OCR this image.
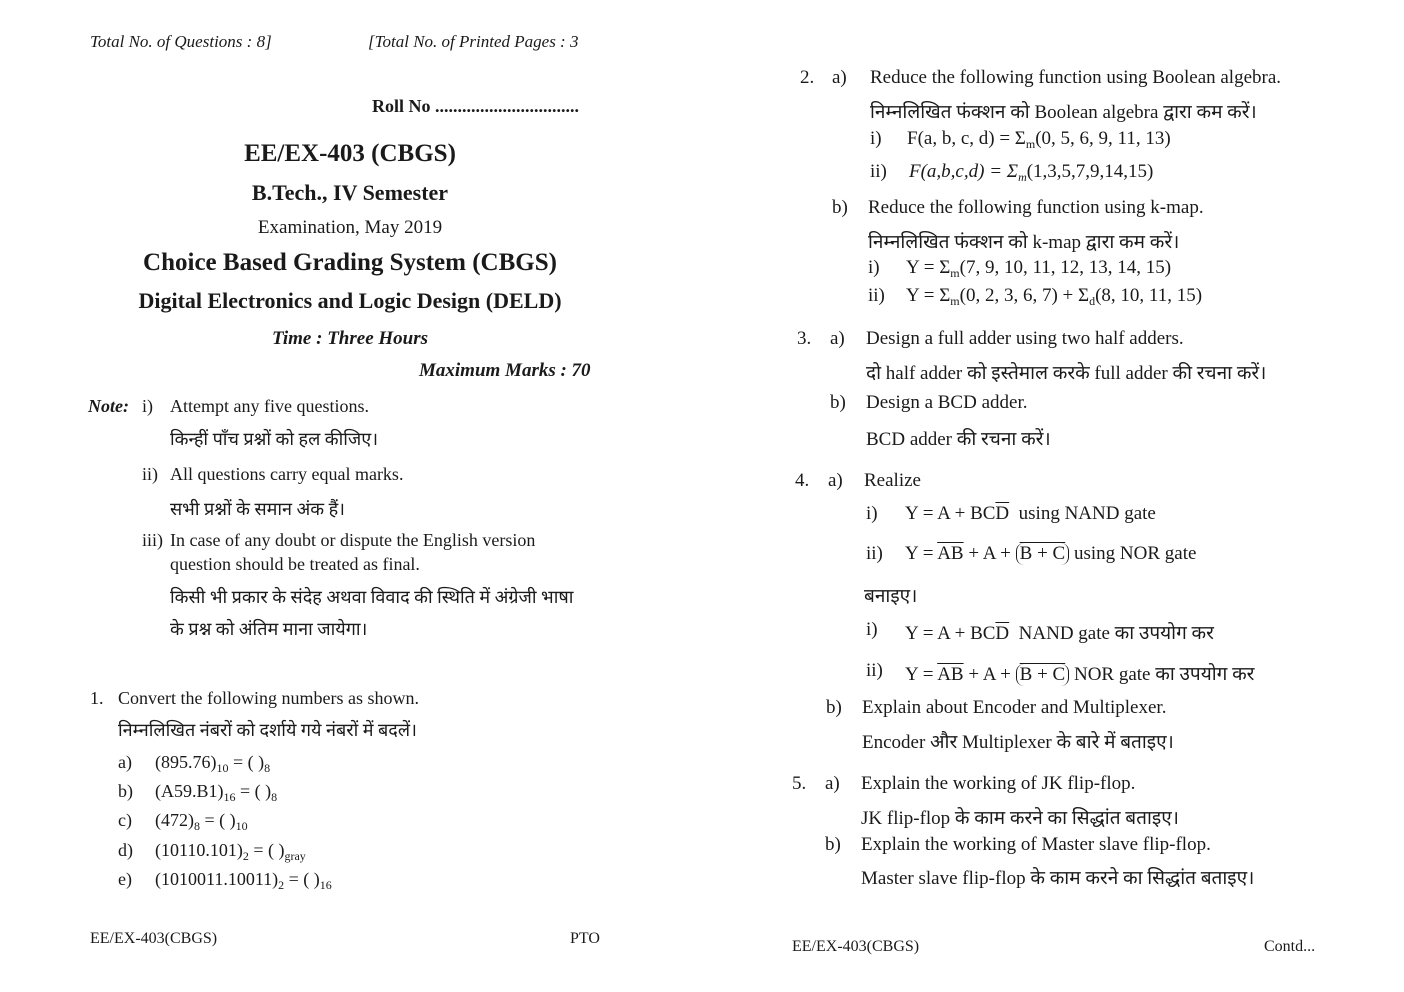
Total No. of Questions : 8]	[Total No. of Printed Pages : 3
Roll No ................................
EE/EX-403 (CBGS)
B.Tech., IV Semester
Examination, May 2019
Choice Based Grading System (CBGS)
Digital Electronics and Logic Design (DELD)
Time : Three Hours
Maximum Marks : 70
Note: i) Attempt any five questions.
किन्हीं पाँच प्रश्नों को हल कीजिए।
ii) All questions carry equal marks.
सभी प्रश्नों के समान अंक हैं।
iii) In case of any doubt or dispute the English version
question should be treated as final.
किसी भी प्रकार के संदेह अथवा विवाद की स्थिति में अंग्रेजी भाषा
के प्रश्न को अंतिम माना जायेगा।
1. Convert the following numbers as shown.
निम्नलिखित नंबरों को दर्शाये गये नंबरों में बदलें।
a) $(895.76)_{10}$ = ( )$_8$
b) $(A59.B1)_{16}$ = ( )$_8$
c) $(472)_8$ = ( )$_{10}$
d) $(10110.101)_2$ = ( )$_{gray}$
e) $(1010011.10011)_2$ = ( )$_{16}$
EE/EX-403(CBGS)	PTO
2. a) Reduce the following function using Boolean algebra.
निम्नलिखित फंक्शन को Boolean algebra द्वारा कम करें।
i) F(a, b, c, $d) = \Sigma_m(0$, 5, 6, 9, 11, 13)
ii) $F(a,b,c,d) = \Sigma_m(1,3,5,7,9,14,15)$
b) Reduce the following function using k-map.
निम्नलिखित फंक्शन को k-map द्वारा कम करें।
i) $Y = \Sigma_m(7$, 9, 10, 11, 12, 13, 14, 15)
ii) $Y = \Sigma_m(0$, 2, 3, 6, $7) + \Sigma_d(8$, 10, 11, 15)
3. a) Design a full adder using two half adders.
दो half adder को इस्तेमाल करके full adder की रचना करें।
b) Design a BCD adder.
BCD adder की रचना करें।
4. a) Realize
i) $Y = A + BC\overline{D}$ using NAND gate
ii) $Y = \overline{AB} + A + B + C$ using NOR gate
बनाइए।
i) $Y = A + BC\overline{D}$ NAND gate का उपयोग कर
ii) $Y = \overline{AB} + A + B + C$ NOR gate का उपयोग कर
b) Explain about Encoder and Multiplexer.
Encoder और Multiplexer के बारे में बताइए।
5. a) Explain the working of JK flip-flop.
JK flip-flop के काम करने का सिद्धांत बताइए।
b) Explain the working of Master slave flip-flop.
Master slave flip-flop के काम करने का सिद्धांत बताइए।
EE/EX-403(CBGS)	Contd...
